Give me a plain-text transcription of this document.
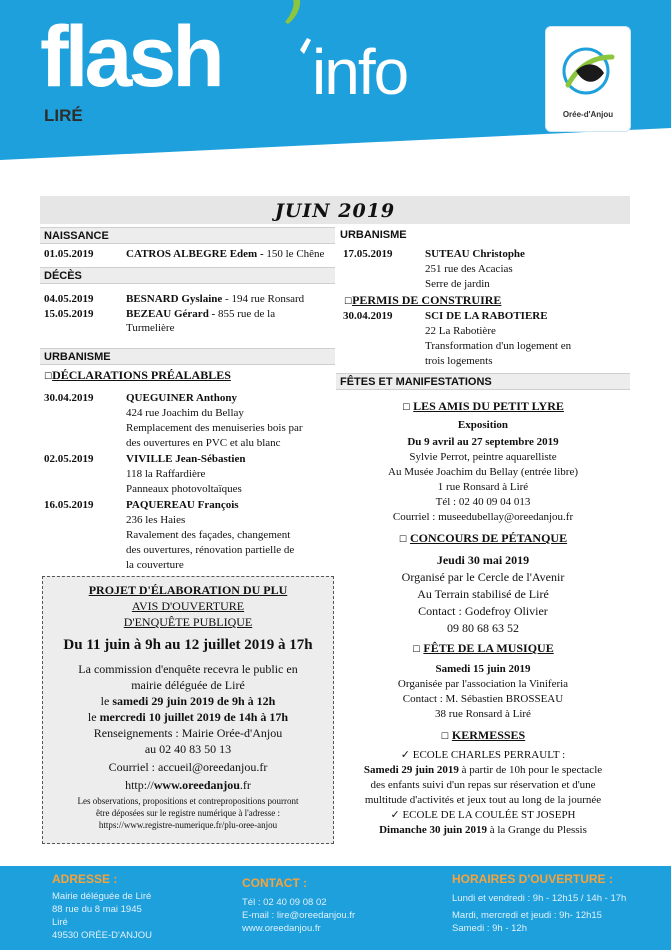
flash info
LIRÉ	Orée-d'Anjou
JUIN 2019
NAISSANCE
01.05.2019	CATROS ALBEGRE Edem - 150 le Chêne
DÉCÈS
04.05.2019	BESNARD Gyslaine - 194 rue Ronsard
15.05.2019	BEZEAU Gérard - 855 rue de la
Turmelière
URBANISME
☐DÉCLARATIONS PRÉALABLES
30.04.2019	QUEGUINER Anthony
424 rue Joachim du Bellay
Remplacement des menuiseries bois par
des ouvertures en PVC et alu blanc
02.05.2019	VIVILLE Jean-Sébastien
118 la Raffardière
Panneaux photovoltaïques
16.05.2019	PAQUEREAU François
236 les Haies
Ravalement des façades, changement
des ouvertures, rénovation partielle de
la couverture
PROJET D'ÉLABORATION DU PLU
AVIS D'OUVERTURE
D'ENQUÊTE PUBLIQUE
Du 11 juin à 9h au 12 juillet 2019 à 17h
La commission d'enquête recevra le public en
mairie déléguée de Liré
le samedi 29 juin 2019 de 9h à 12h
le mercredi 10 juillet 2019 de 14h à 17h
Renseignements : Mairie Orée-d'Anjou
au 02 40 83 50 13
Courriel : accueil@oreedanjou.fr
http://www.oreedanjou.fr
Les observations, propositions et contrepropositions pourront
être déposées sur le registre numérique à l'adresse :
https://www.registre-numerique.fr/plu-oree-anjou
URBANISME
17.05.2019	SUTEAU Christophe
251 rue des Acacias
Serre de jardin
☐PERMIS DE CONSTRUIRE
30.04.2019	SCI DE LA RABOTIERE
22 La Rabotière
Transformation d'un logement en
trois logements
FÊTES ET MANIFESTATIONS
☐ LES AMIS DU PETIT LYRE
Exposition
Du 9 avril au 27 septembre 2019
Sylvie Perrot, peintre aquarelliste
Au Musée Joachim du Bellay (entrée libre)
1 rue Ronsard à Liré
Tél : 02 40 09 04 013
Courriel : museedubellay@oreedanjou.fr
☐ CONCOURS DE PÉTANQUE
Jeudi 30 mai 2019
Organisé par le Cercle de l'Avenir
Au Terrain stabilisé de Liré
Contact : Godefroy Olivier
09 80 68 63 52
☐ FÊTE DE LA MUSIQUE
Samedi 15 juin 2019
Organisée par l'association la Viniferia
Contact : M. Sébastien BROSSEAU
38 rue Ronsard à Liré
☐ KERMESSES
✓ ECOLE CHARLES PERRAULT :
Samedi 29 juin 2019 à partir de 10h pour le spectacle
des enfants suivi d'un repas sur réservation et d'une
multitude d'activités et jeux tout au long de la journée
✓ ECOLE DE LA COULÉE ST JOSEPH
Dimanche 30 juin 2019 à la Grange du Plessis
ADRESSE :
Mairie déléguée de Liré
88 rue du 8 mai 1945
Liré
49530 ORÉE-D'ANJOU
CONTACT :
Tél : 02 40 09 08 02
E-mail : lire@oreedanjou.fr
www.oreedanjou.fr
HORAIRES D'OUVERTURE :
Lundi et vendredi : 9h - 12h15 / 14h - 17h
Mardi, mercredi et jeudi : 9h- 12h15
Samedi : 9h - 12h
